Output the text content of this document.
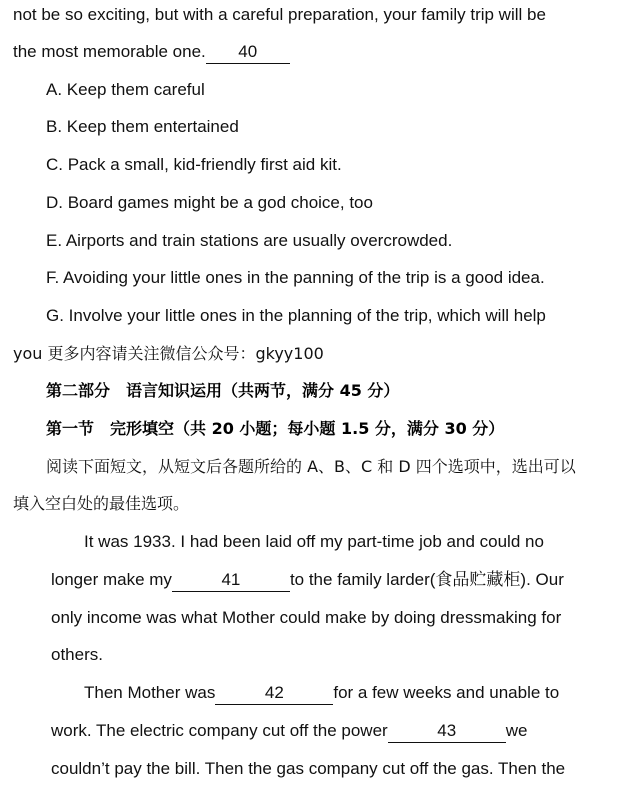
not be so exciting, but with a careful preparation, your family trip will be
the most memorable one. 40
A. Keep them careful
B. Keep them entertained
C. Pack a small, kid-friendly first aid kit.
D. Board games might be a god choice, too
E. Airports and train stations are usually overcrowded.
F. Avoiding your little ones in the panning of the trip is a good idea.
G. Involve your little ones in the planning of the trip, which will help
you 更多内容请关注微信公众号：gkyy100
第二部分　语言知识运用（共两节，满分 45 分）
第一节　完形填空（共 20 小题；每小题 1.5 分，满分 30 分）
阅读下面短文，从短文后各题所给的 A、B、C 和 D 四个选项中，选出可以
填入空白处的最佳选项。
It was 1933. I had been laid off my part-time job and could no
longer make my	41	to the family larder(食品贮藏柜). Our
only income was what Mother could make by doing dressmaking for
others.
Then Mother was	42	for a few weeks and unable to
work. The electric company cut off the power	43	we
couldn’t pay the bill. Then the gas company cut off the gas. Then the
